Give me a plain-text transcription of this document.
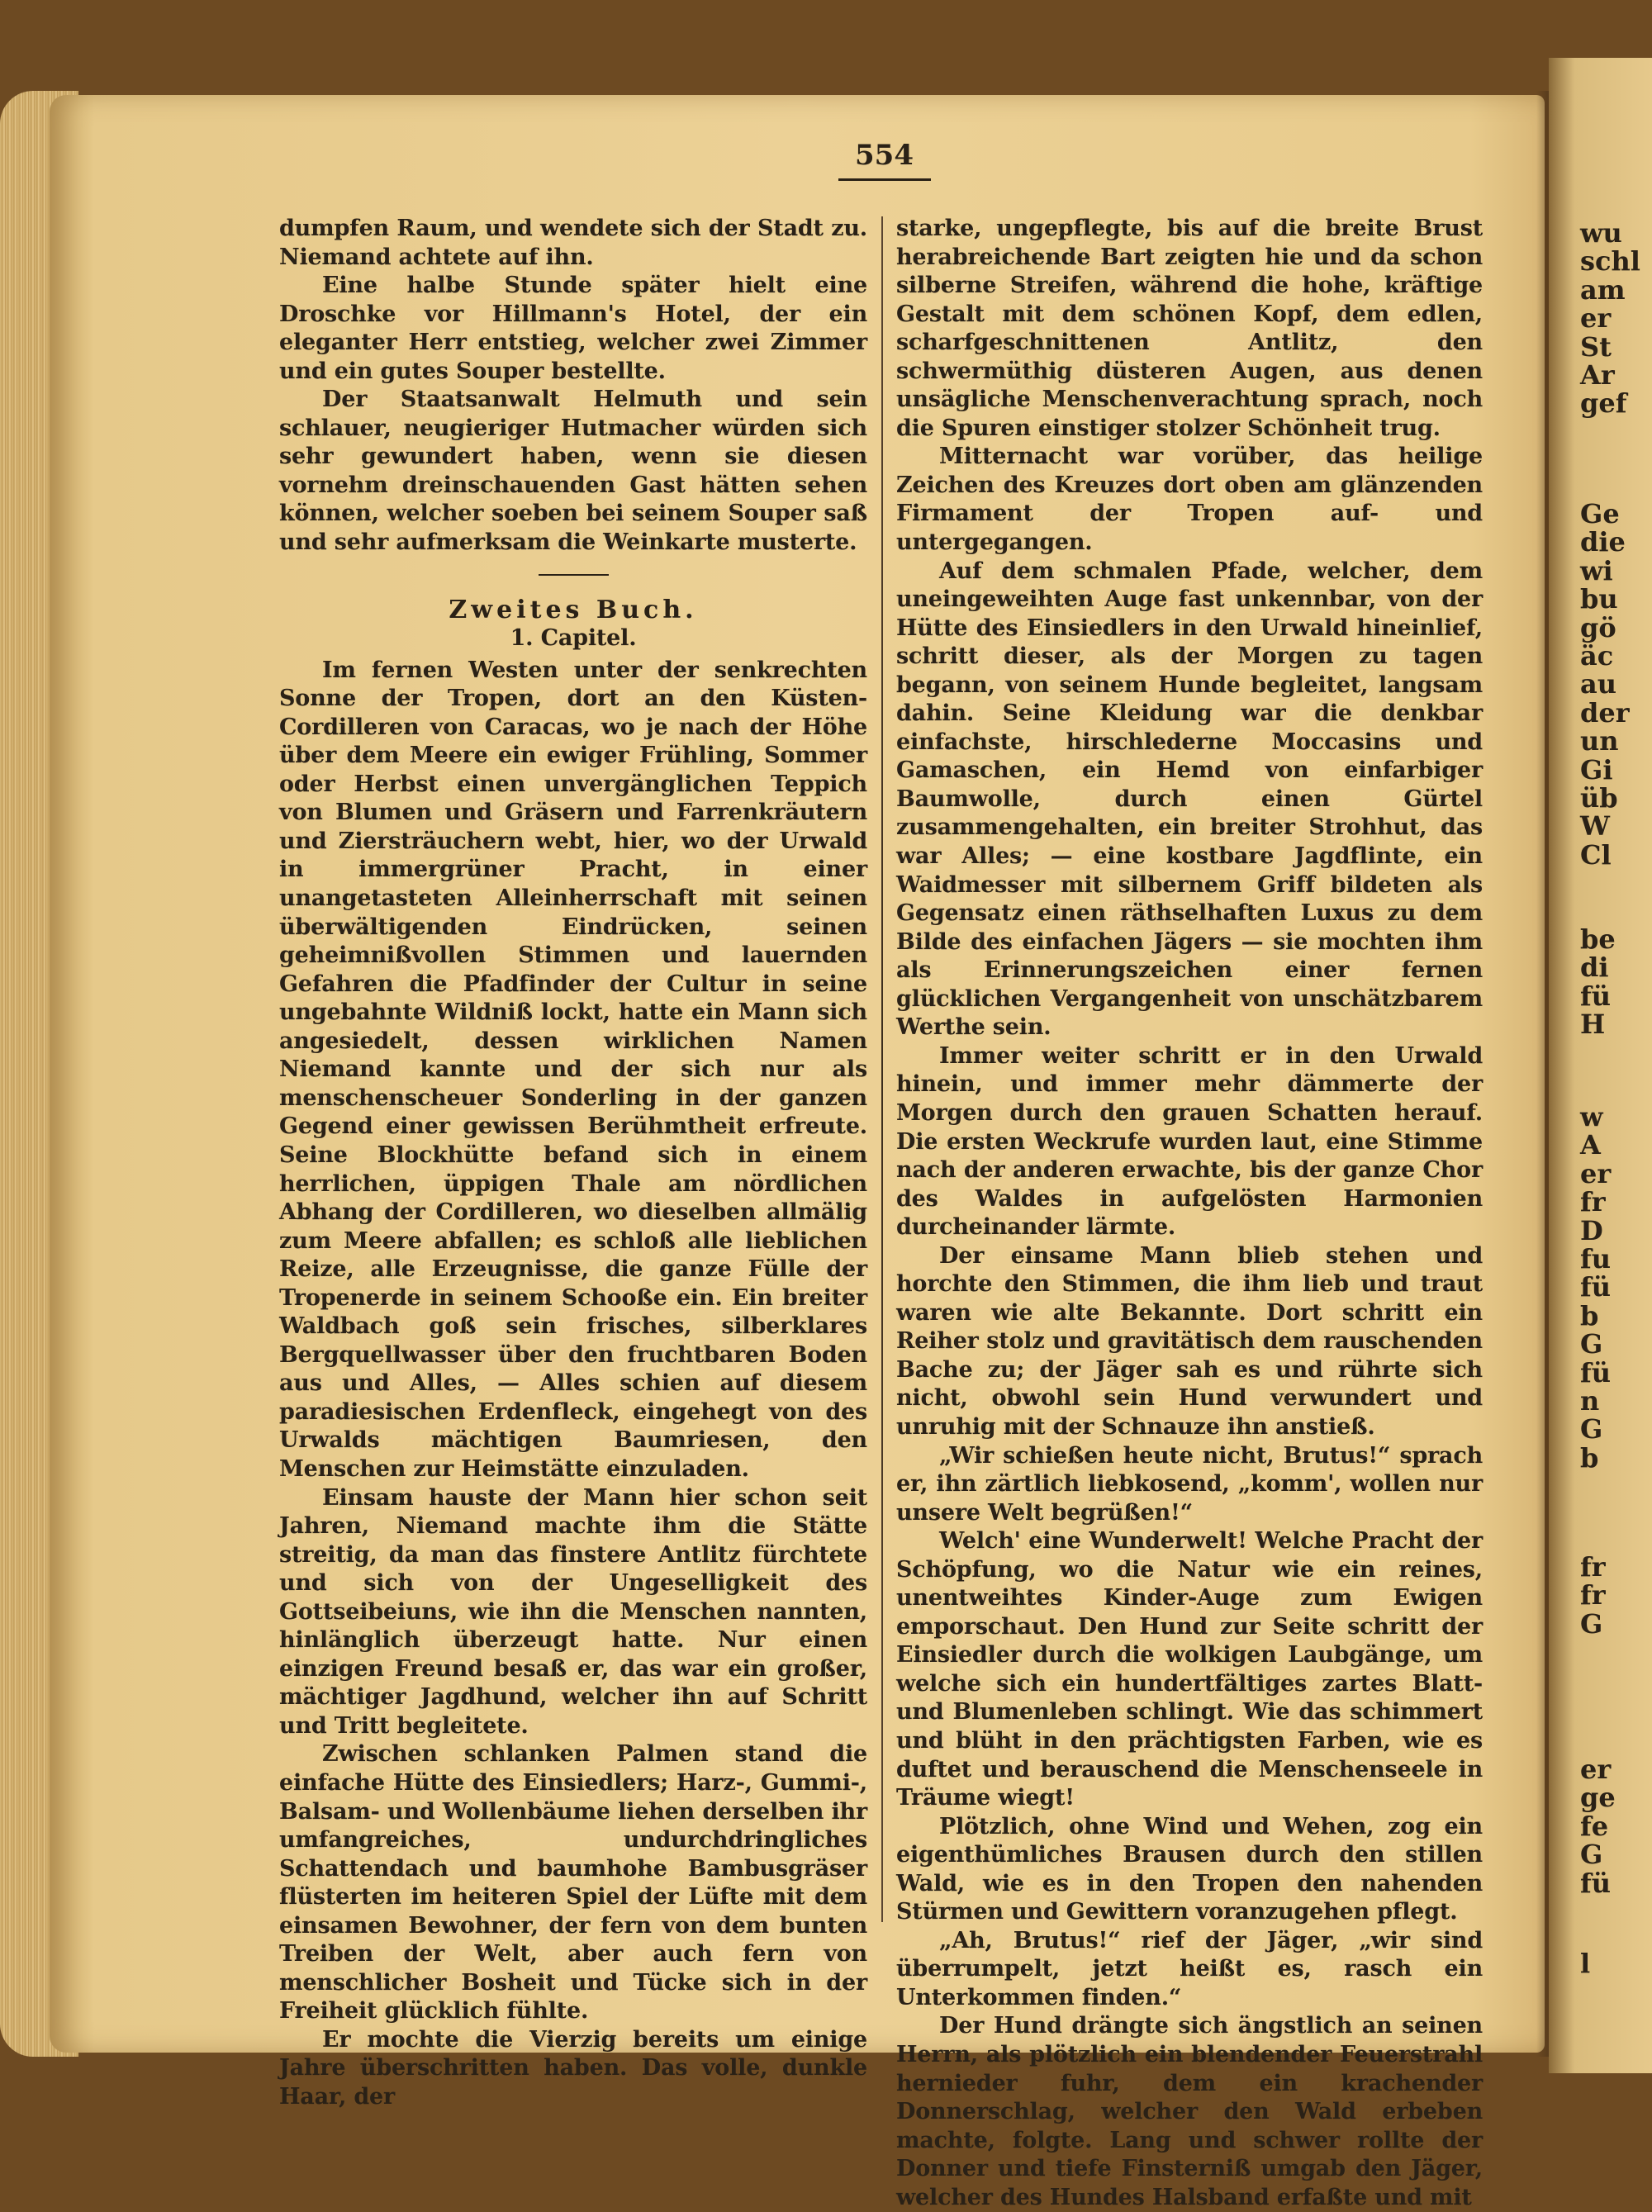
wu
schl
am
er
St
Ar
gef
Ge
die
wi
bu
gö
äc
au
der
un
Gi
üb
W
Cl
be
di
fü
H
w
A
er
fr
D
fu
fü
b
G
fü
n
G
b
fr
fr
G
er
ge
fe
G
fü
l
554

dumpfen Raum, und wendete sich der Stadt zu. Niemand achtete auf ihn.

Eine halbe Stunde später hielt eine Droschke vor Hillmann's Hotel, der ein eleganter Herr entstieg, welcher zwei Zimmer und ein gutes Souper bestellte.

Der Staatsanwalt Helmuth und sein schlauer, neugieriger Hutmacher würden sich sehr gewundert haben, wenn sie diesen vornehm dreinschauenden Gast hätten sehen können, welcher soeben bei seinem Souper saß und sehr aufmerksam die Weinkarte musterte.

Zweites Buch.

1. Capitel.

Im fernen Westen unter der senkrechten Sonne der Tropen, dort an den Küsten-Cordilleren von Caracas, wo je nach der Höhe über dem Meere ein ewiger Frühling, Sommer oder Herbst einen unvergänglichen Teppich von Blumen und Gräsern und Farrenkräutern und Ziersträuchern webt, hier, wo der Urwald in immergrüner Pracht, in einer unangetasteten Alleinherrschaft mit seinen überwältigenden Eindrücken, seinen geheimnißvollen Stimmen und lauernden Gefahren die Pfadfinder der Cultur in seine ungebahnte Wildniß lockt, hatte ein Mann sich angesiedelt, dessen wirklichen Namen Niemand kannte und der sich nur als menschenscheuer Sonderling in der ganzen Gegend einer gewissen Berühmtheit erfreute. Seine Blockhütte befand sich in einem herrlichen, üppigen Thale am nördlichen Abhang der Cordilleren, wo dieselben allmälig zum Meere abfallen; es schloß alle lieblichen Reize, alle Erzeugnisse, die ganze Fülle der Tropenerde in seinem Schooße ein. Ein breiter Waldbach goß sein frisches, silberklares Bergquellwasser über den fruchtbaren Boden aus und Alles, — Alles schien auf diesem paradiesischen Erdenfleck, eingehegt von des Urwalds mächtigen Baumriesen, den Menschen zur Heimstätte einzuladen.

Einsam hauste der Mann hier schon seit Jahren, Niemand machte ihm die Stätte streitig, da man das finstere Antlitz fürchtete und sich von der Ungeselligkeit des Gottseibeiuns, wie ihn die Menschen nannten, hinlänglich überzeugt hatte. Nur einen einzigen Freund besaß er, das war ein großer, mächtiger Jagdhund, welcher ihn auf Schritt und Tritt begleitete.

Zwischen schlanken Palmen stand die einfache Hütte des Einsiedlers; Harz-, Gummi-, Balsam- und Wollenbäume liehen derselben ihr umfangreiches, undurchdringliches Schattendach und baumhohe Bambusgräser flüsterten im heiteren Spiel der Lüfte mit dem einsamen Bewohner, der fern von dem bunten Treiben der Welt, aber auch fern von menschlicher Bosheit und Tücke sich in der Freiheit glücklich fühlte.

Er mochte die Vierzig bereits um einige Jahre überschritten haben. Das volle, dunkle Haar, der

starke, ungepflegte, bis auf die breite Brust herabreichende Bart zeigten hie und da schon silberne Streifen, während die hohe, kräftige Gestalt mit dem schönen Kopf, dem edlen, scharfgeschnittenen Antlitz, den schwermüthig düsteren Augen, aus denen unsägliche Menschenverachtung sprach, noch die Spuren einstiger stolzer Schönheit trug.

Mitternacht war vorüber, das heilige Zeichen des Kreuzes dort oben am glänzenden Firmament der Tropen auf- und untergegangen.

Auf dem schmalen Pfade, welcher, dem uneingeweihten Auge fast unkennbar, von der Hütte des Einsiedlers in den Urwald hineinlief, schritt dieser, als der Morgen zu tagen begann, von seinem Hunde begleitet, langsam dahin. Seine Kleidung war die denkbar einfachste, hirschlederne Moccasins und Gamaschen, ein Hemd von einfarbiger Baumwolle, durch einen Gürtel zusammengehalten, ein breiter Strohhut, das war Alles; — eine kostbare Jagdflinte, ein Waidmesser mit silbernem Griff bildeten als Gegensatz einen räthselhaften Luxus zu dem Bilde des einfachen Jägers — sie mochten ihm als Erinnerungszeichen einer fernen glücklichen Vergangenheit von unschätzbarem Werthe sein.

Immer weiter schritt er in den Urwald hinein, und immer mehr dämmerte der Morgen durch den grauen Schatten herauf. Die ersten Weckrufe wurden laut, eine Stimme nach der anderen erwachte, bis der ganze Chor des Waldes in aufgelösten Harmonien durcheinander lärmte.

Der einsame Mann blieb stehen und horchte den Stimmen, die ihm lieb und traut waren wie alte Bekannte. Dort schritt ein Reiher stolz und gravitätisch dem rauschenden Bache zu; der Jäger sah es und rührte sich nicht, obwohl sein Hund verwundert und unruhig mit der Schnauze ihn anstieß.

„Wir schießen heute nicht, Brutus!“ sprach er, ihn zärtlich liebkosend, „komm', wollen nur unsere Welt begrüßen!“

Welch' eine Wunderwelt! Welche Pracht der Schöpfung, wo die Natur wie ein reines, unentweihtes Kinder-Auge zum Ewigen emporschaut. Den Hund zur Seite schritt der Einsiedler durch die wolkigen Laubgänge, um welche sich ein hundertfältiges zartes Blatt- und Blumenleben schlingt. Wie das schimmert und blüht in den prächtigsten Farben, wie es duftet und berauschend die Menschenseele in Träume wiegt!

Plötzlich, ohne Wind und Wehen, zog ein eigenthümliches Brausen durch den stillen Wald, wie es in den Tropen den nahenden Stürmen und Gewittern voranzugehen pflegt.

„Ah, Brutus!“ rief der Jäger, „wir sind überrumpelt, jetzt heißt es, rasch ein Unterkommen finden.“

Der Hund drängte sich ängstlich an seinen Herrn, als plötzlich ein blendender Feuerstrahl hernieder fuhr, dem ein krachender Donnerschlag, welcher den Wald erbeben machte, folgte. Lang und schwer rollte der Donner und tiefe Finsterniß umgab den Jäger, welcher des Hundes Halsband erfaßte und mit
